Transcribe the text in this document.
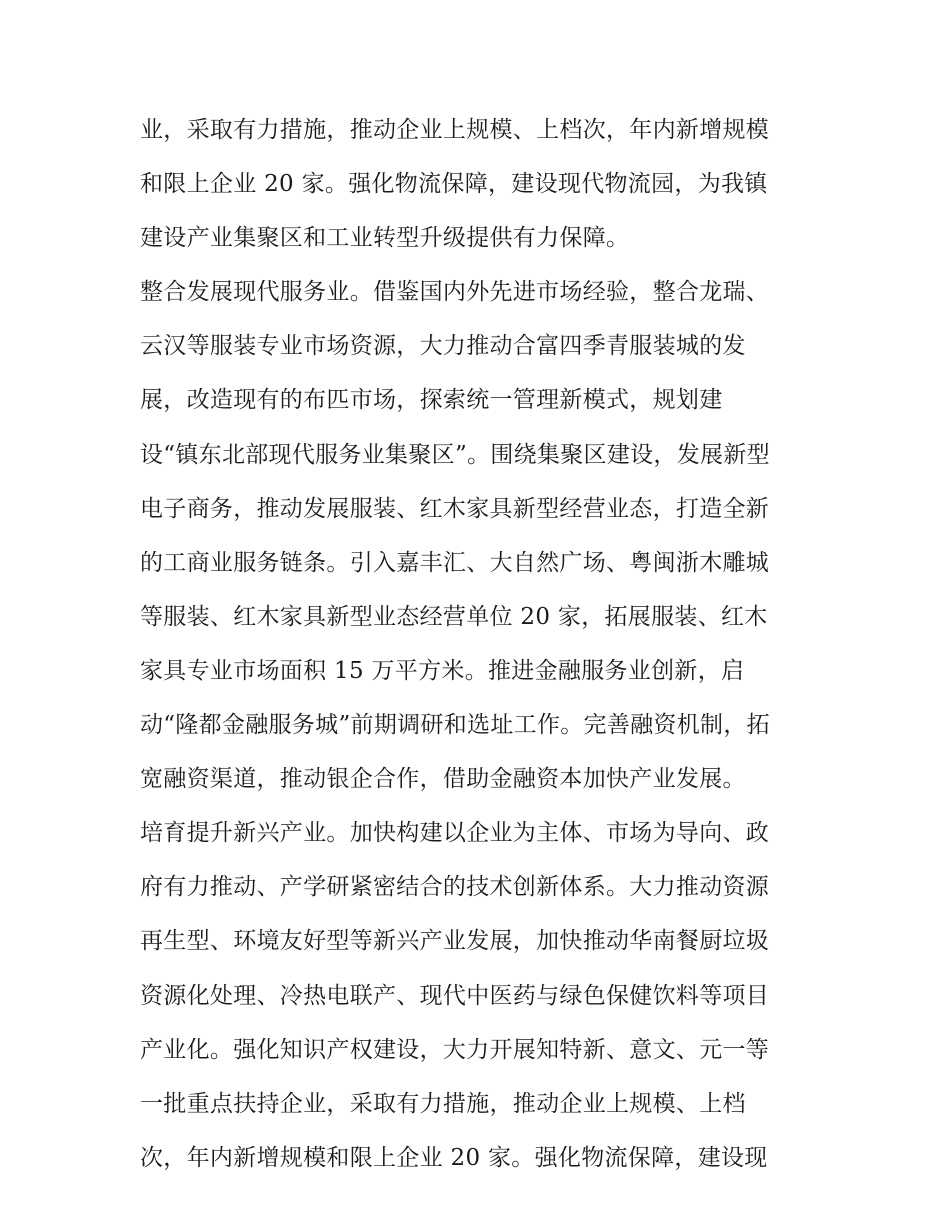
业，采取有力措施，推动企业上规模、上档次，年内新增规模
和限上企业 20 家。强化物流保障，建设现代物流园，为我镇
建设产业集聚区和工业转型升级提供有力保障。
整合发展现代服务业。借鉴国内外先进市场经验，整合龙瑞、
云汉等服装专业市场资源，大力推动合富四季青服装城的发
展，改造现有的布匹市场，探索统一管理新模式，规划建
设“镇东北部现代服务业集聚区”。围绕集聚区建设，发展新型
电子商务，推动发展服装、红木家具新型经营业态，打造全新
的工商业服务链条。引入嘉丰汇、大自然广场、粤闽浙木雕城
等服装、红木家具新型业态经营单位 20 家，拓展服装、红木
家具专业市场面积 15 万平方米。推进金融服务业创新，启
动“隆都金融服务城”前期调研和选址工作。完善融资机制，拓
宽融资渠道，推动银企合作，借助金融资本加快产业发展。
培育提升新兴产业。加快构建以企业为主体、市场为导向、政
府有力推动、产学研紧密结合的技术创新体系。大力推动资源
再生型、环境友好型等新兴产业发展，加快推动华南餐厨垃圾
资源化处理、冷热电联产、现代中医药与绿色保健饮料等项目
产业化。强化知识产权建设，大力开展知特新、意文、元一等
一批重点扶持企业，采取有力措施，推动企业上规模、上档
次，年内新增规模和限上企业 20 家。强化物流保障，建设现
